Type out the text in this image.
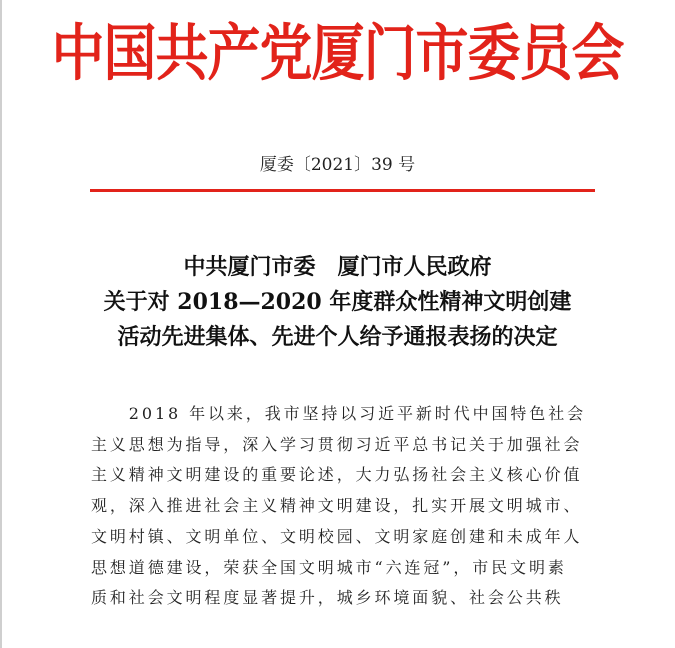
中国共产党厦门市委员会
厦委〔2021〕39 号
中共厦门市委　厦门市人民政府
关于对 2018—2020 年度群众性精神文明创建
活动先进集体、先进个人给予通报表扬的决定
　　2018 年以来，我市坚持以习近平新时代中国特色社会
主义思想为指导，深入学习贯彻习近平总书记关于加强社会
主义精神文明建设的重要论述，大力弘扬社会主义核心价值
观，深入推进社会主义精神文明建设，扎实开展文明城市、
文明村镇、文明单位、文明校园、文明家庭创建和未成年人
思想道德建设，荣获全国文明城市“六连冠”，市民文明素
质和社会文明程度显著提升，城乡环境面貌、社会公共秩
